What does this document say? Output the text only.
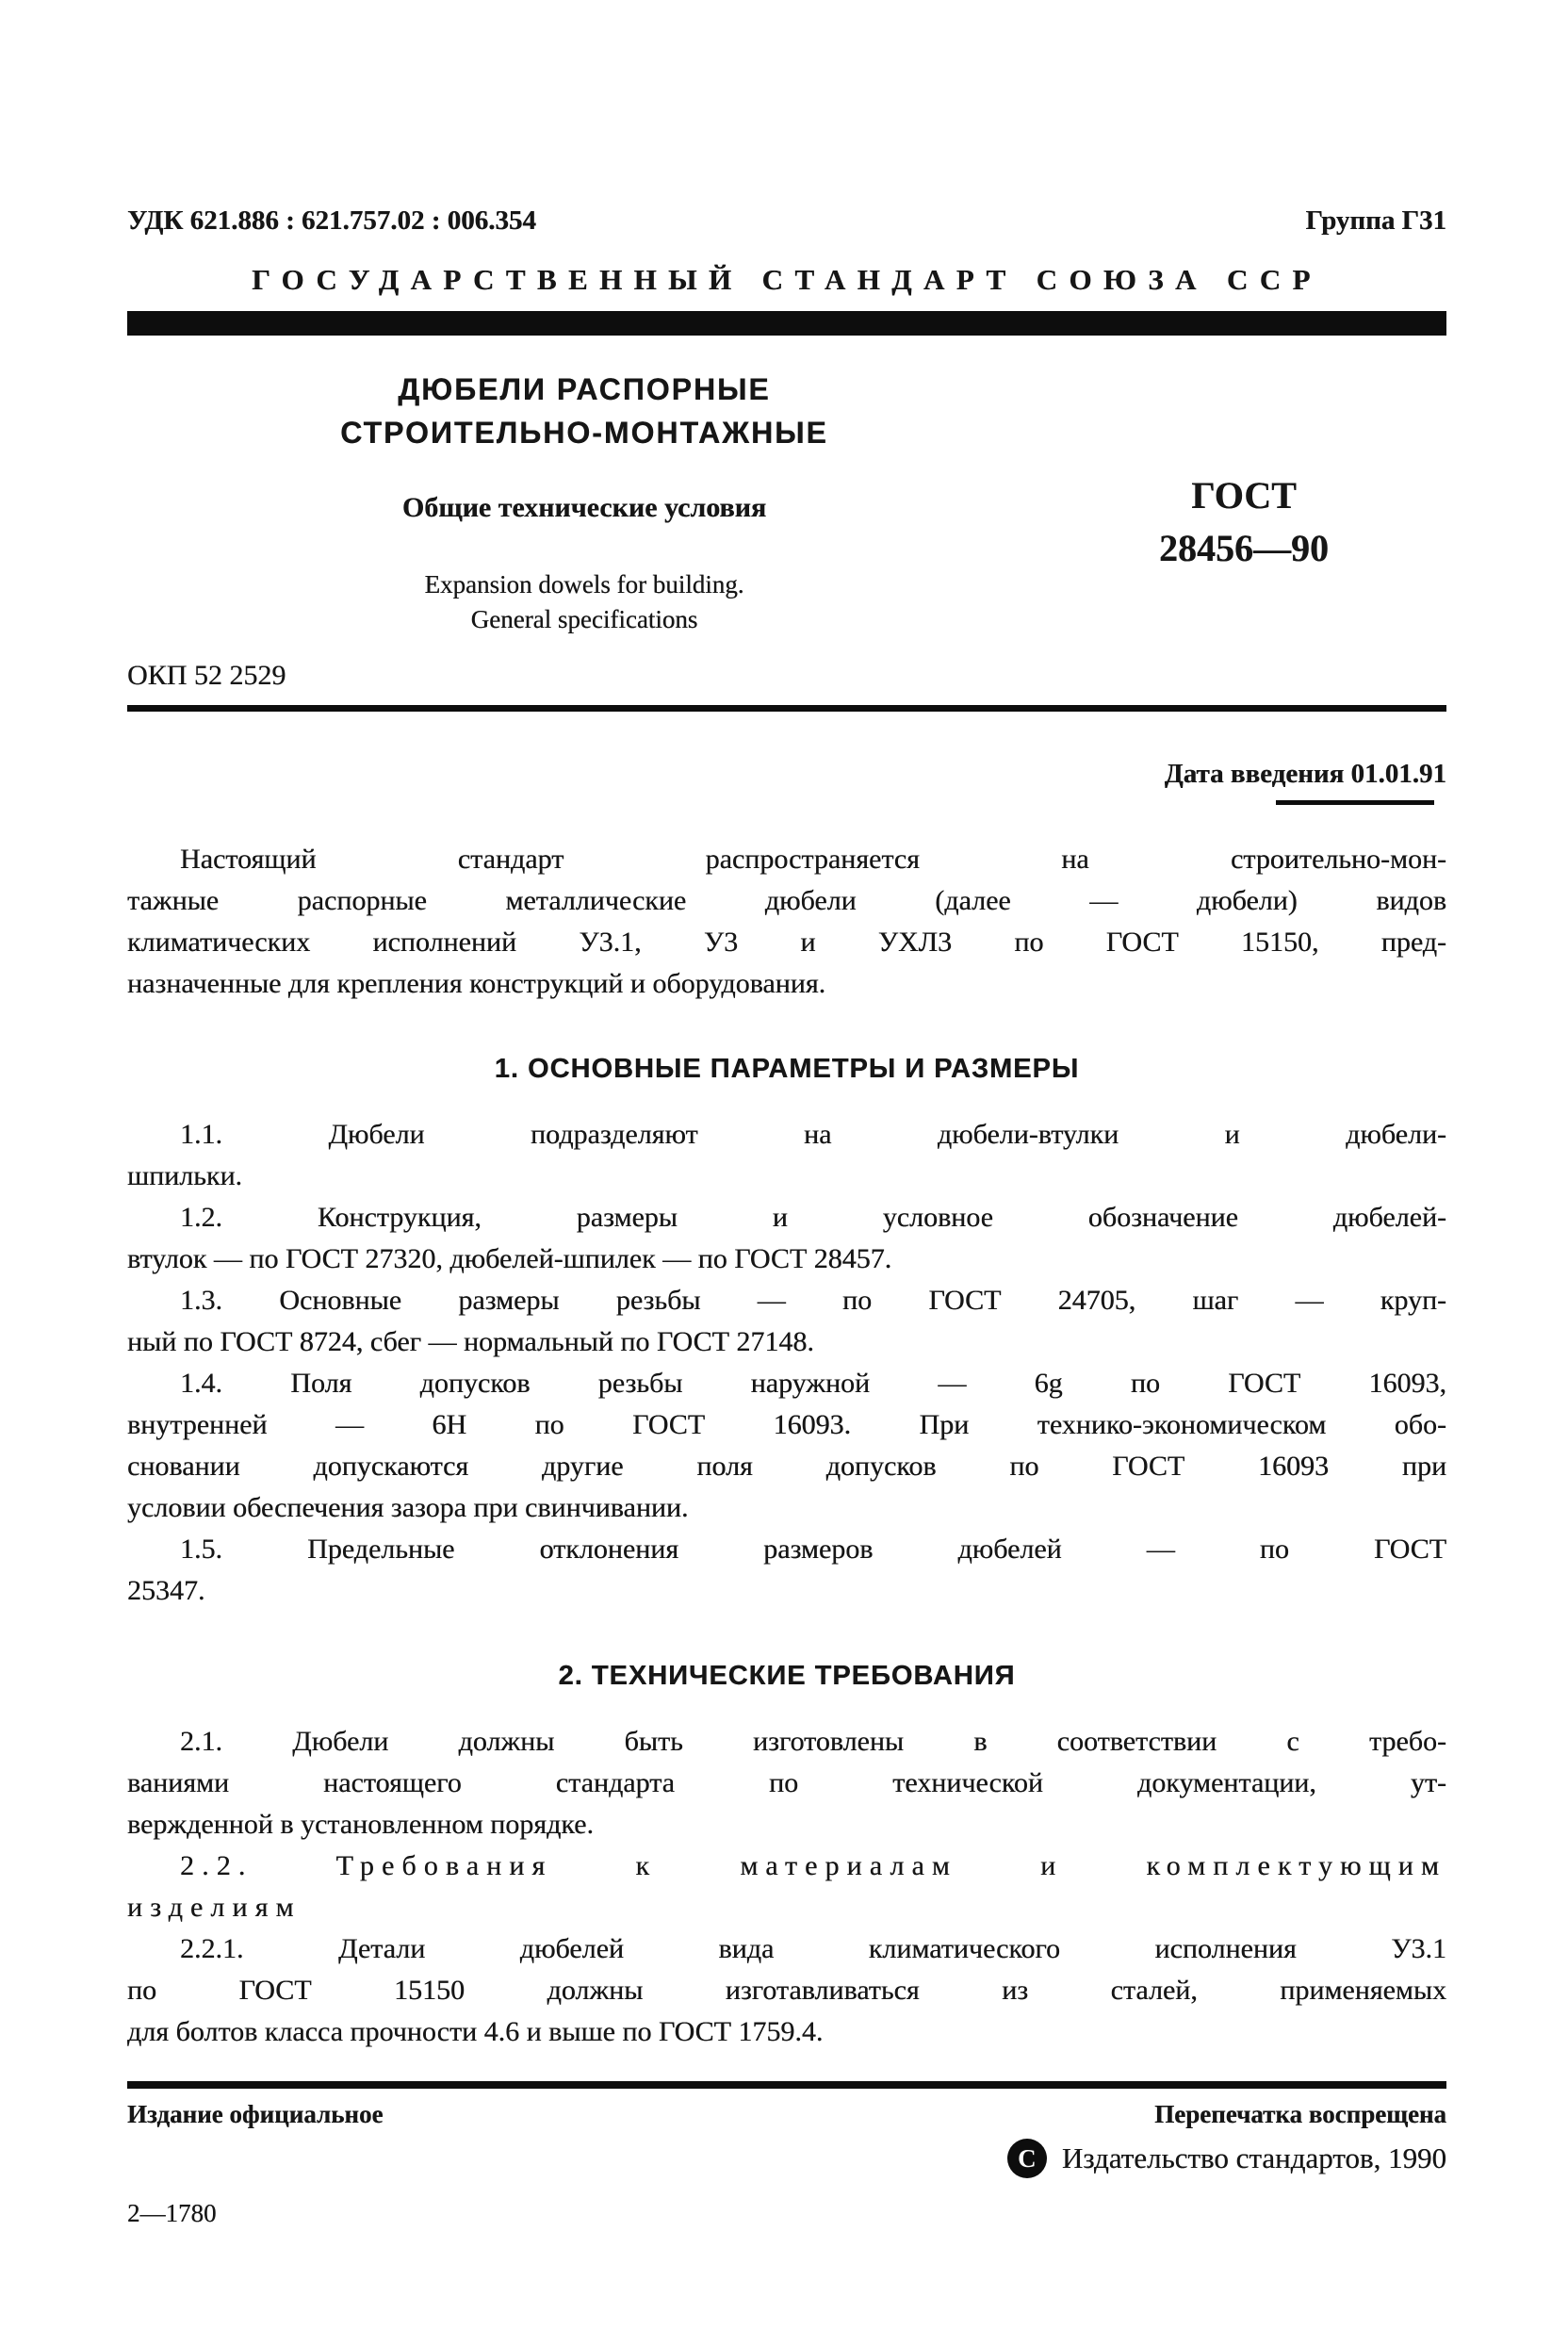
УДК 621.886 : 621.757.02 : 006.354	Группа Г31
ГОСУДАРСТВЕННЫЙ СТАНДАРТ СОЮЗА ССР
ДЮБЕЛИ РАСПОРНЫЕ
СТРОИТЕЛЬНО-МОНТАЖНЫЕ
Общие технические условия
Expansion dowels for building.
General specifications
ГОСТ
28456—90
ОКП 52 2529
Дата введения 01.01.91
Настоящий стандарт распространяется на строительно-мон-
тажные распорные металлические дюбели (далее — дюбели) видов
климатических исполнений У3.1, У3 и УХЛ3 по ГОСТ 15150, пред-
назначенные для крепления конструкций и оборудования.
1. ОСНОВНЫЕ ПАРАМЕТРЫ И РАЗМЕРЫ
1.1. Дюбели подразделяют на дюбели-втулки и дюбели-
шпильки.
1.2. Конструкция, размеры и условное обозначение дюбелей-
втулок — по ГОСТ 27320, дюбелей-шпилек — по ГОСТ 28457.
1.3. Основные размеры резьбы — по ГОСТ 24705, шаг — круп-
ный по ГОСТ 8724, сбег — нормальный по ГОСТ 27148.
1.4. Поля допусков резьбы наружной — 6g по ГОСТ 16093,
внутренней — 6H по ГОСТ 16093. При технико-экономическом обо-
сновании допускаются другие поля допусков по ГОСТ 16093 при
условии обеспечения зазора при свинчивании.
1.5. Предельные отклонения размеров дюбелей — по ГОСТ
25347.
2. ТЕХНИЧЕСКИЕ ТРЕБОВАНИЯ
2.1. Дюбели должны быть изготовлены в соответствии с требо-
ваниями настоящего стандарта по технической документации, ут-
вержденной в установленном порядке.
2.2. Требования к материалам и комплектующим
изделиям
2.2.1. Детали дюбелей вида климатического исполнения У3.1
по ГОСТ 15150 должны изготавливаться из сталей, применяемых
для болтов класса прочности 4.6 и выше по ГОСТ 1759.4.
Издание официальное	Перепечатка воспрещена
С Издательство стандартов, 1990
2—1780
